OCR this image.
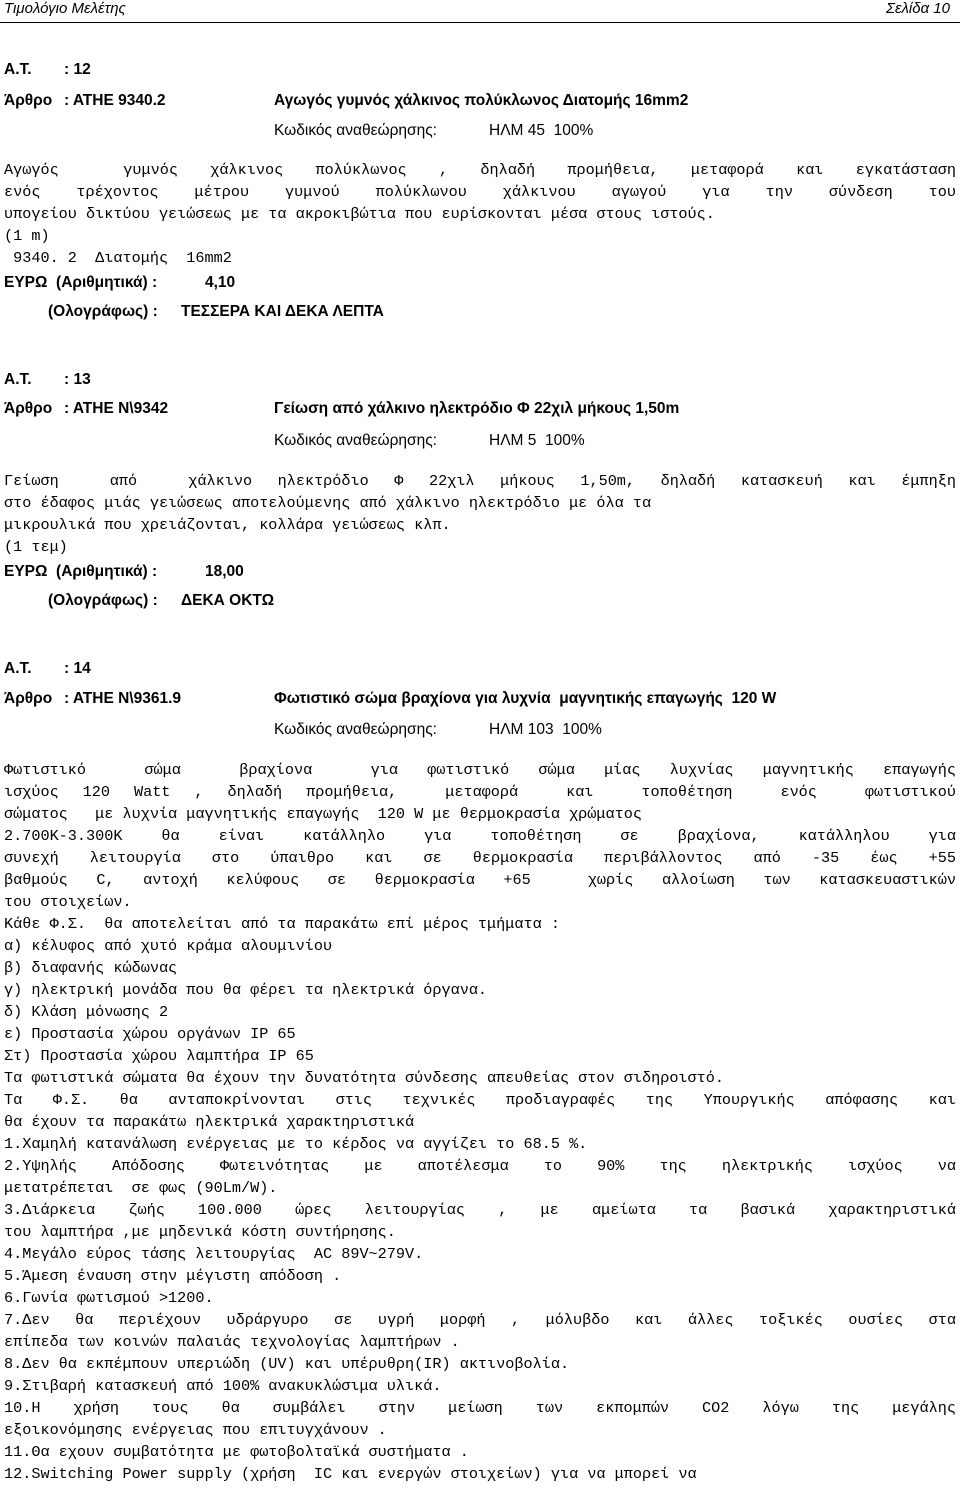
Τιμολόγιο Μελέτης	Σελίδα 10
Α.Τ. : 12
Άρθρο : ΑΤΗΕ 9340.2	Αγωγός γυμνός χάλκινος πολύκλωνος Διατομής 16mm2
Κωδικός αναθεώρησης:	ΗΛΜ 45  100%
Αγωγός  γυμνός χάλκινος πολύκλωνος , δηλαδή προμήθεια, μεταφορά και εγκατάσταση
ενός τρέχοντος μέτρου γυμνού πολύκλωνου χάλκινου αγωγού για την σύνδεση του
υπογείου δικτύου γειώσεως με τα ακροκιβώτια που ευρίσκονται μέσα στους ιστούς.
(1 m)
9340. 2  Διατομής  16mm2
ΕΥΡΩ  (Αριθμητικά) :	4,10
(Ολογράφως) : ΤΕΣΣΕΡΑ ΚΑΙ ΔΕΚΑ ΛΕΠΤΑ
Α.Τ. : 13
Άρθρο : ΑΤΗΕ Ν\9342	Γείωση από χάλκινο ηλεκτρόδιο Φ 22χιλ μήκους 1,50m
Κωδικός αναθεώρησης:	ΗΛΜ 5  100%
Γείωση  από  χάλκινο ηλεκτρόδιο Φ 22χιλ μήκους 1,50m, δηλαδή κατασκευή και έμπηξη
στο έδαφος μιάς γειώσεως αποτελούμενης από χάλκινο ηλεκτρόδιο με όλα τα
μικρουλικά που χρειάζονται, κολλάρα γειώσεως κλπ.
(1 τεμ)
ΕΥΡΩ  (Αριθμητικά) :	18,00
(Ολογράφως) : ΔΕΚΑ ΟΚΤΩ
Α.Τ. : 14
Άρθρο : ΑΤΗΕ Ν\9361.9	Φωτιστικό σώμα βραχίονα για λυχνία  μαγνητικής επαγωγής  120 W
Κωδικός αναθεώρησης:	ΗΛΜ 103  100%
Φωτιστικό  σώμα  βραχίονα  για φωτιστικό σώμα μίας λυχνίας μαγνητικής επαγωγής
ισχύος 120 Watt , δηλαδή προμήθεια,  μεταφορά  και  τοποθέτηση  ενός  φωτιστικού
σώματος   με λυχνία μαγνητικής επαγωγής  120 W με θερμοκρασία χρώματος
2.700Κ-3.300Κ θα είναι κατάλληλο για τοποθέτηση σε βραχίονα, κατάλληλου για
συνεχή λειτουργία στο ύπαιθρο και σε θερμοκρασία περιβάλλοντος από -35 έως +55
βαθμούς C, αντοχή κελύφους σε θερμοκρασία +65  χωρίς αλλοίωση των κατασκευαστικών
του στοιχείων.
Κάθε Φ.Σ.  θα αποτελείται από τα παρακάτω επί μέρος τμήματα :
α) κέλυφος από χυτό κράμα αλουμινίου
β) διαφανής κώδωνας
γ) ηλεκτρική μονάδα που θα φέρει τα ηλεκτρικά όργανα.
δ) Κλάση μόνωσης 2
ε) Προστασία χώρου οργάνων IP 65
Στ) Προστασία χώρου λαμπτήρα IP 65
Τα φωτιστικά σώματα θα έχουν την δυνατότητα σύνδεσης απευθείας στον σιδηροιστό.
Τα Φ.Σ. θα ανταποκρίνονται στις τεχνικές προδιαγραφές της Υπουργικής απόφασης και
θα έχουν τα παρακάτω ηλεκτρικά χαρακτηριστικά
1.Χαμηλή κατανάλωση ενέργειας με το κέρδος να αγγίζει το 68.5 %.
2.Υψηλής Απόδοσης Φωτεινότητας με αποτέλεσμα το 90% της ηλεκτρικής ισχύος να
μετατρέπεται  σε φως (90Lm/W).
3.Διάρκεια ζωής 100.000 ώρες λειτουργίας , με αμείωτα τα βασικά χαρακτηριστικά
του λαμπτήρα ,με μηδενικά κόστη συντήρησης.
4.Μεγάλο εύρος τάσης λειτουργίας  AC 89V~279V.
5.Άμεση έναυση στην μέγιστη απόδοση .
6.Γωνία φωτισμού >1200.
7.Δεν θα περιέχουν υδράργυρο σε υγρή μορφή , μόλυβδο και άλλες τοξικές ουσίες στα
επίπεδα των κοινών παλαιάς τεχνολογίας λαμπτήρων .
8.Δεν θα εκπέμπουν υπεριώδη (UV) και υπέρυθρη(IR) ακτινοβολία.
9.Στιβαρή κατασκευή από 100% ανακυκλώσιμα υλικά.
10.Η χρήση τους θα συμβάλει στην μείωση των εκπομπών CO2 λόγω της μεγάλης
εξοικονόμησης ενέργειας που επιτυγχάνουν .
11.Θα εχουν συμβατότητα με φωτοβολταϊκά συστήματα .
12.Switching Power supply (χρήση  IC και ενεργών στοιχείων) για να μπορεί να
